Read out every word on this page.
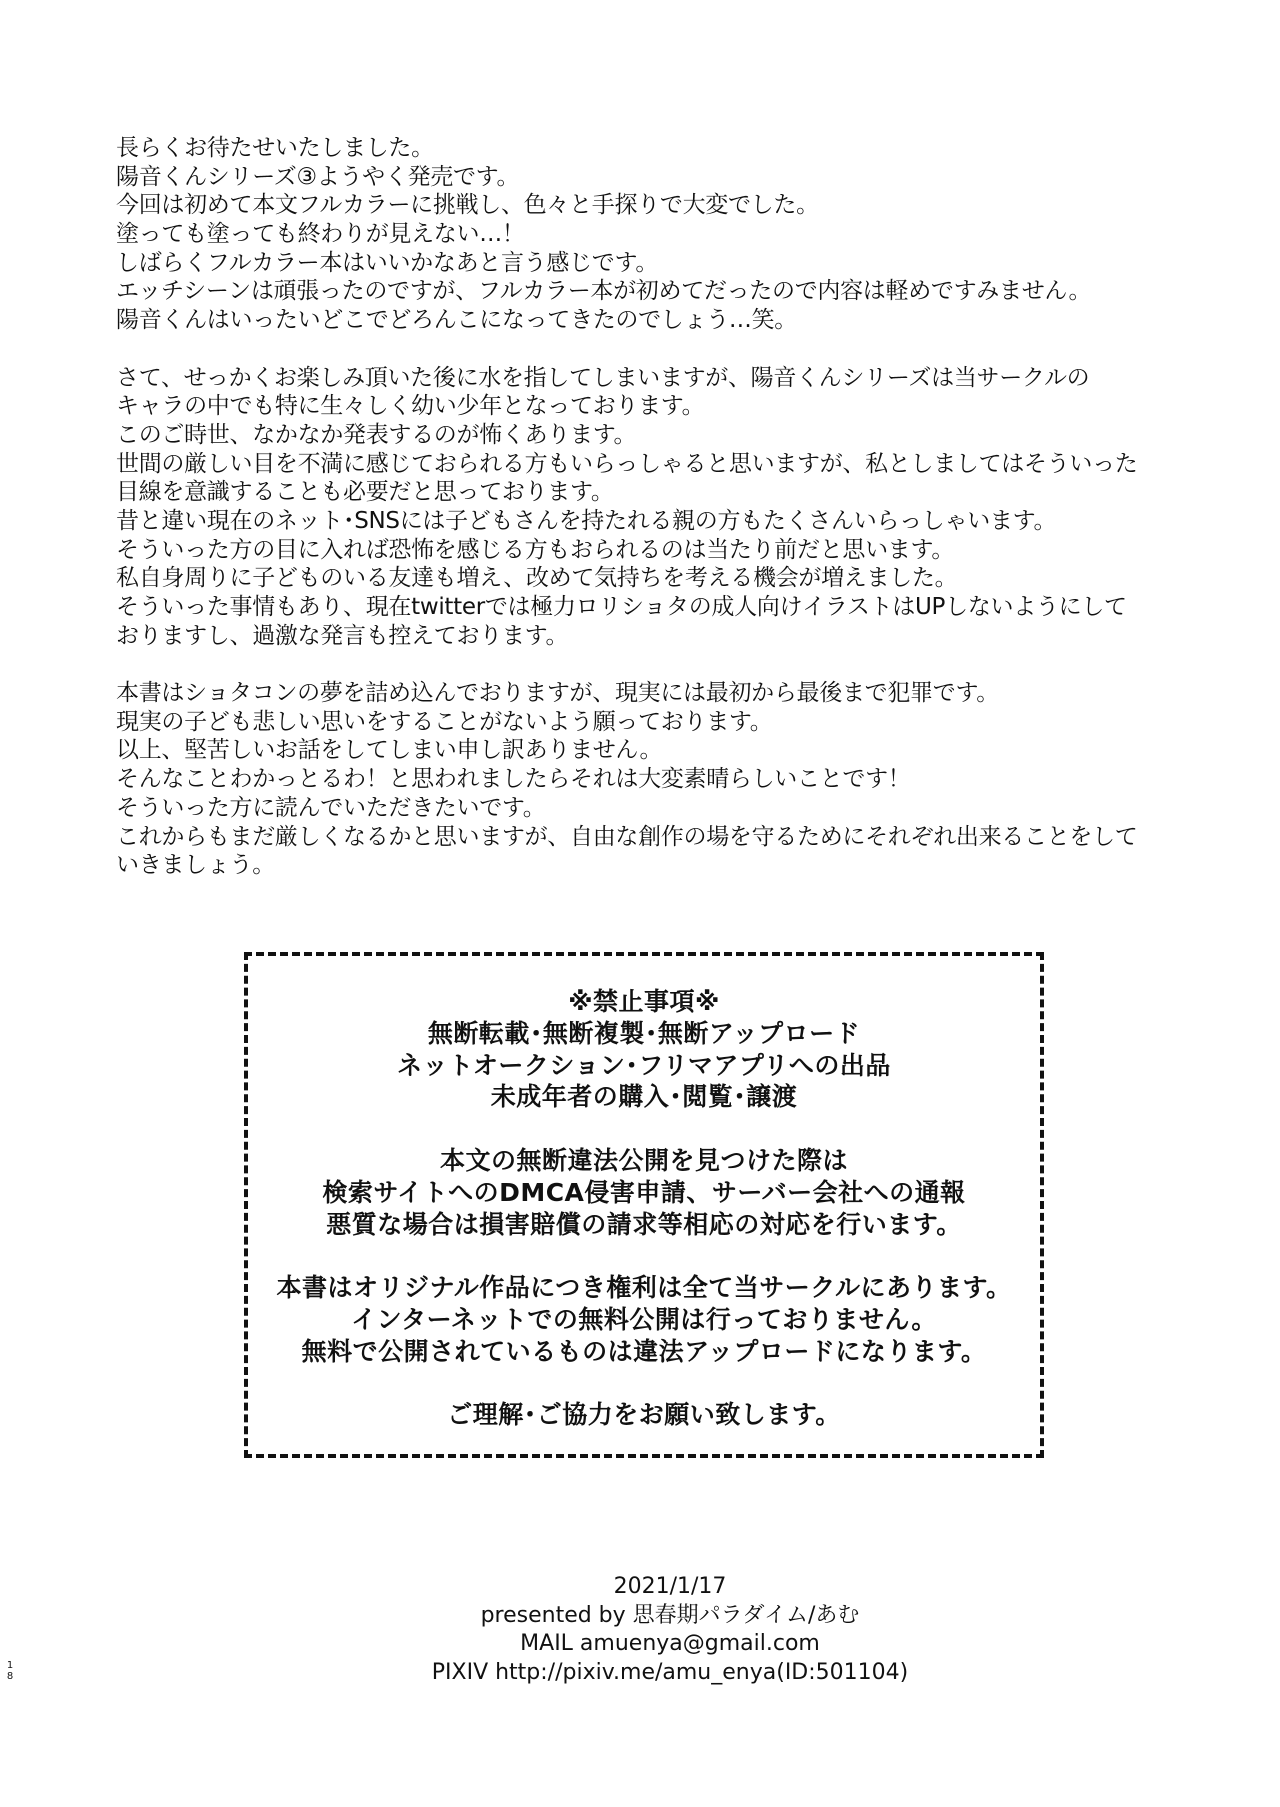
長らくお待たせいたしました。
陽音くんシリーズ③ようやく発売です。
今回は初めて本文フルカラーに挑戦し、色々と手探りで大変でした。
塗っても塗っても終わりが見えない…！
しばらくフルカラー本はいいかなあと言う感じです。
エッチシーンは頑張ったのですが、フルカラー本が初めてだったので内容は軽めですみません。
陽音くんはいったいどこでどろんこになってきたのでしょう…笑。
さて、せっかくお楽しみ頂いた後に水を指してしまいますが、陽音くんシリーズは当サークルの
キャラの中でも特に生々しく幼い少年となっております。
このご時世、なかなか発表するのが怖くあります。
世間の厳しい目を不満に感じておられる方もいらっしゃると思いますが、私としましてはそういった
目線を意識することも必要だと思っております。
昔と違い現在のネット･SNSには子どもさんを持たれる親の方もたくさんいらっしゃいます。
そういった方の目に入れば恐怖を感じる方もおられるのは当たり前だと思います。
私自身周りに子どものいる友達も増え、改めて気持ちを考える機会が増えました。
そういった事情もあり、現在twitterでは極力ロリショタの成人向けイラストはUPしないようにして
おりますし、過激な発言も控えております。
本書はショタコンの夢を詰め込んでおりますが、現実には最初から最後まで犯罪です。
現実の子ども悲しい思いをすることがないよう願っております。
以上、堅苦しいお話をしてしまい申し訳ありません。
そんなことわかっとるわ！と思われましたらそれは大変素晴らしいことです！
そういった方に読んでいただきたいです。
これからもまだ厳しくなるかと思いますが、自由な創作の場を守るためにそれぞれ出来ることをして
いきましょう。
※禁止事項※
無断転載･無断複製･無断アップロード
ネットオークション･フリマアプリへの出品
未成年者の購入･閲覧･譲渡
本文の無断違法公開を見つけた際は
検索サイトへのDMCA侵害申請、サーバー会社への通報
悪質な場合は損害賠償の請求等相応の対応を行います。
本書はオリジナル作品につき権利は全て当サークルにあります。
インターネットでの無料公開は行っておりません。
無料で公開されているものは違法アップロードになります。
ご理解･ご協力をお願い致します。
2021/1/17
presented by 思春期パラダイム/あむ
MAIL amuenya@gmail.com
PIXIV http://pixiv.me/amu_enya(ID:501104)
1
8
